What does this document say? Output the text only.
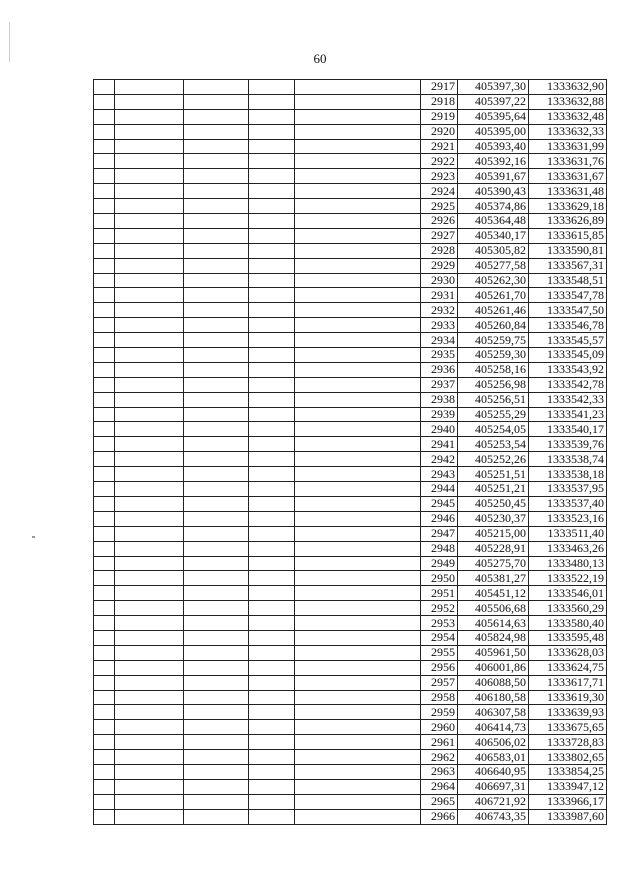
60
					2917	405397,30	1333632,90
					2918	405397,22	1333632,88
					2919	405395,64	1333632,48
					2920	405395,00	1333632,33
					2921	405393,40	1333631,99
					2922	405392,16	1333631,76
					2923	405391,67	1333631,67
					2924	405390,43	1333631,48
					2925	405374,86	1333629,18
					2926	405364,48	1333626,89
					2927	405340,17	1333615,85
					2928	405305,82	1333590,81
					2929	405277,58	1333567,31
					2930	405262,30	1333548,51
					2931	405261,70	1333547,78
					2932	405261,46	1333547,50
					2933	405260,84	1333546,78
					2934	405259,75	1333545,57
					2935	405259,30	1333545,09
					2936	405258,16	1333543,92
					2937	405256,98	1333542,78
					2938	405256,51	1333542,33
					2939	405255,29	1333541,23
					2940	405254,05	1333540,17
					2941	405253,54	1333539,76
					2942	405252,26	1333538,74
					2943	405251,51	1333538,18
					2944	405251,21	1333537,95
					2945	405250,45	1333537,40
					2946	405230,37	1333523,16
					2947	405215,00	1333511,40
					2948	405228,91	1333463,26
					2949	405275,70	1333480,13
					2950	405381,27	1333522,19
					2951	405451,12	1333546,01
					2952	405506,68	1333560,29
					2953	405614,63	1333580,40
					2954	405824,98	1333595,48
					2955	405961,50	1333628,03
					2956	406001,86	1333624,75
					2957	406088,50	1333617,71
					2958	406180,58	1333619,30
					2959	406307,58	1333639,93
					2960	406414,73	1333675,65
					2961	406506,02	1333728,83
					2962	406583,01	1333802,65
					2963	406640,95	1333854,25
					2964	406697,31	1333947,12
					2965	406721,92	1333966,17
					2966	406743,35	1333987,60
